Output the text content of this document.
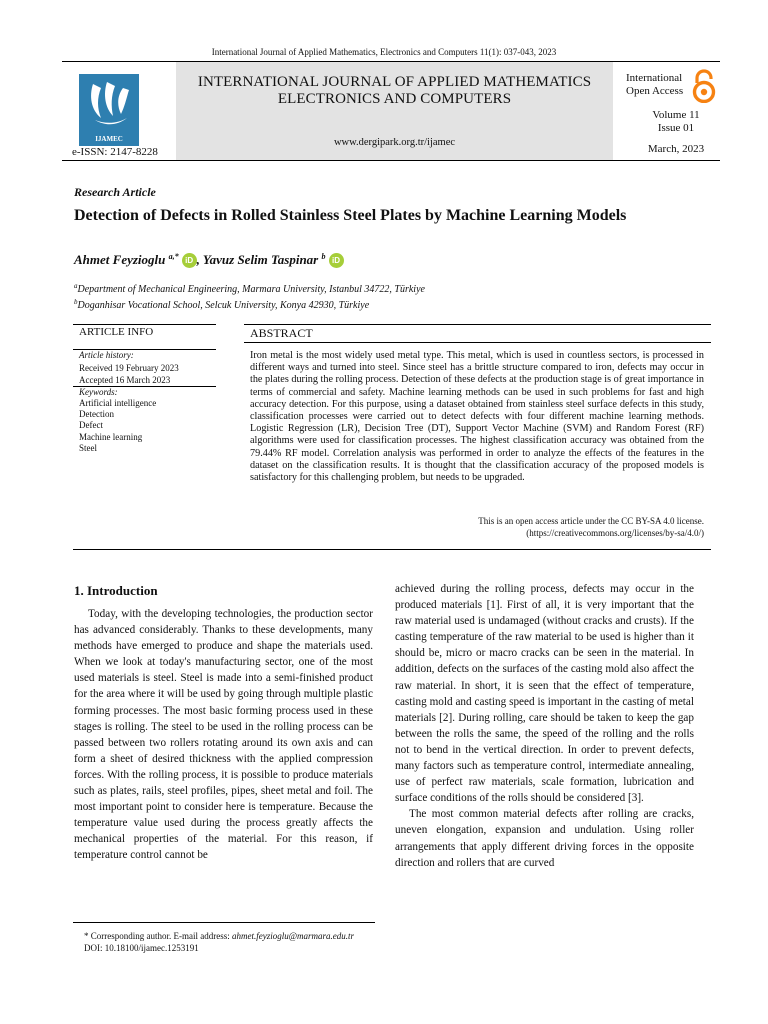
International Journal of Applied Mathematics, Electronics and Computers 11(1): 037-043, 2023
INTERNATIONAL JOURNAL OF APPLIED MATHEMATICS
ELECTRONICS AND COMPUTERS
www.dergipark.org.tr/ijamec
IJAMEC
e-ISSN: 2147-8228
International
Open Access
Volume 11
Issue 01
March, 2023
Research Article
Detection of Defects in Rolled Stainless Steel Plates by Machine Learning Models
Ahmet Feyzioglu $^{a,*}$ iD , Yavuz Selim Taspinar $^b$ iD
$^a$Department of Mechanical Engineering, Marmara University, Istanbul 34722, Türkiye
$^b$Doganhisar Vocational School, Selcuk University, Konya 42930, Türkiye
ARTICLE INFO	ABSTRACT
Article history:
Received 19 February 2023
Accepted 16 March 2023
Keywords:
Artificial intelligence
Detection
Defect
Machine learning
Steel
Iron metal is the most widely used metal type. This metal, which is used in countless sectors, is processed in different ways and turned into steel. Since steel has a brittle structure compared to iron, defects may occur in the plates during the rolling process. Detection of these defects at the production stage is of great importance in terms of commercial and safety. Machine learning methods can be used in such problems for fast and high accuracy detection. For this purpose, using a dataset obtained from stainless steel surface defects in this study, classification processes were carried out to detect defects with four different machine learning methods. Logistic Regression (LR), Decision Tree (DT), Support Vector Machine (SVM) and Random Forest (RF) algorithms were used for classification processes. The highest classification accuracy was obtained from the 79.44% RF model. Correlation analysis was performed in order to analyze the effects of the features in the dataset on the classification results. It is thought that the classification accuracy of the proposed models is satisfactory for this challenging problem, but needs to be upgraded.
This is an open access article under the CC BY-SA 4.0 license.
(https://creativecommons.org/licenses/by-sa/4.0/)
1. Introduction

Today, with the developing technologies, the production sector has advanced considerably. Thanks to these developments, many methods have emerged to produce and shape the materials used. When we look at today's manufacturing sector, one of the most used materials is steel. Steel is made into a semi-finished product for the area where it will be used by going through multiple plastic forming processes. The most basic forming process used in these stages is rolling. The steel to be used in the rolling process can be passed between two rollers rotating around its own axis and can form a sheet of desired thickness with the applied compression forces. With the rolling process, it is possible to produce materials such as plates, rails, steel profiles, pipes, sheet metal and foil. The most important point to consider here is temperature. Because the temperature value used during the process greatly affects the mechanical properties of the material. For this reason, if temperature control cannot be

achieved during the rolling process, defects may occur in the produced materials [1]. First of all, it is very important that the raw material used is undamaged (without cracks and crusts). If the casting temperature of the raw material to be used is higher than it should be, micro or macro cracks can be seen in the material. In addition, defects on the surfaces of the casting mold also affect the raw material. In short, it is seen that the effect of temperature, casting mold and casting speed is important in the casting of metal materials [2]. During rolling, care should be taken to keep the gap between the rolls the same, the speed of the rolling and the rolls not to bend in the vertical direction. In order to prevent defects, many factors such as temperature control, intermediate annealing, use of perfect raw materials, scale formation, lubrication and surface conditions of the rolls should be considered [3].

The most common material defects after rolling are cracks, uneven elongation, expansion and undulation. Using roller arrangements that apply different driving forces in the opposite direction and rollers that are curved

* Corresponding author. E-mail address: ahmet.feyzioglu@marmara.edu.tr
DOI: 10.18100/ijamec.1253191
